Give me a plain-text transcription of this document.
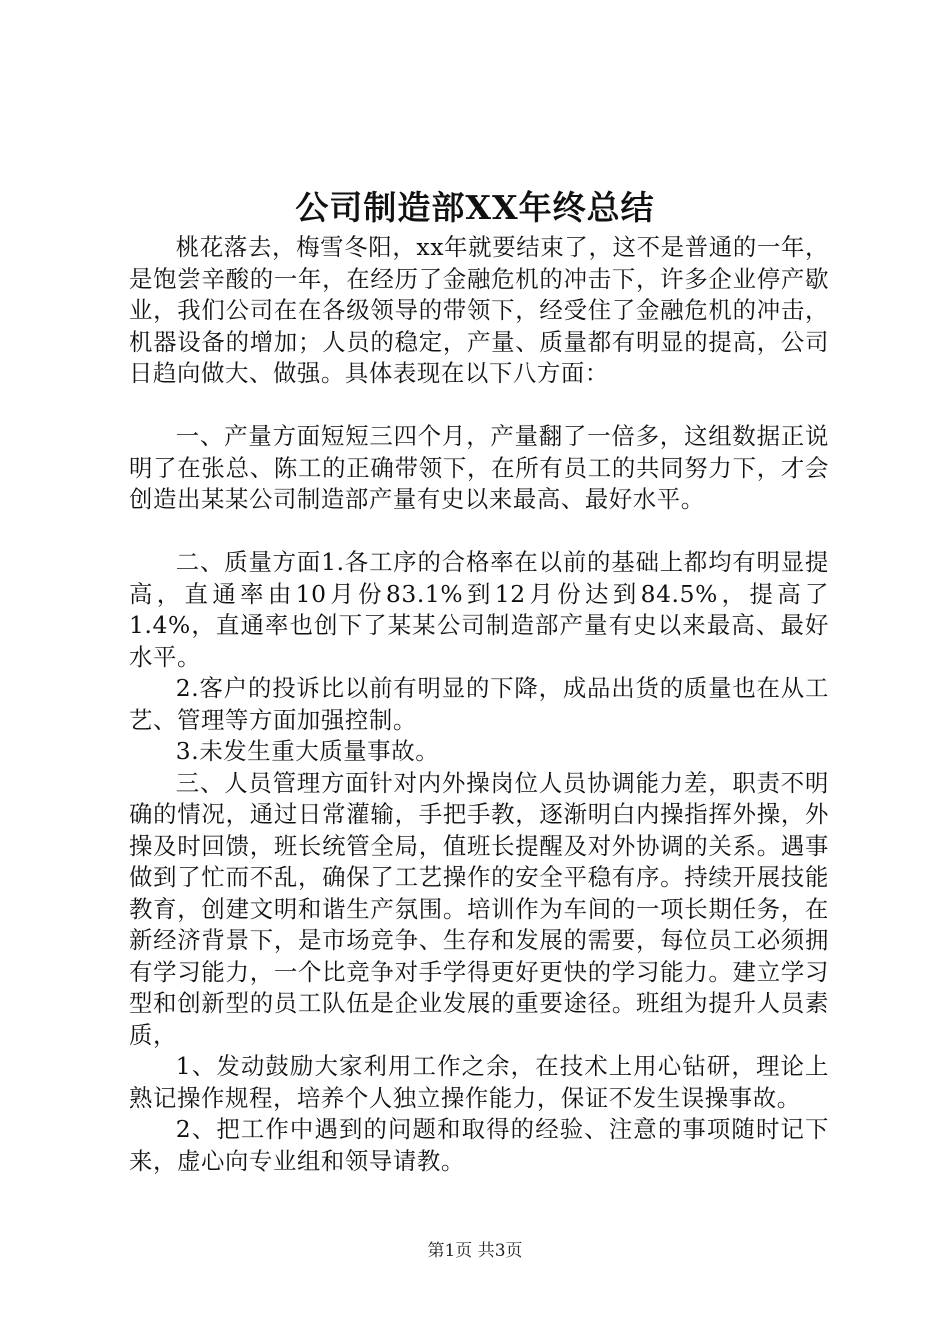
公司制造部XX年终总结

桃花落去，梅雪冬阳，xx年就要结束了，这不是普通的一年，是饱尝辛酸的一年，在经历了金融危机的冲击下，许多企业停产歇业，我们公司在在各级领导的带领下，经受住了金融危机的冲击，机器设备的增加；人员的稳定，产量、质量都有明显的提高，公司日趋向做大、做强。具体表现在以下八方面：

一、产量方面短短三四个月，产量翻了一倍多，这组数据正说明了在张总、陈工的正确带领下，在所有员工的共同努力下，才会创造出某某公司制造部产量有史以来最高、最好水平。

二、质量方面1.各工序的合格率在以前的基础上都均有明显提高，直通率由10月份83.1%到12月份达到84.5%，提高了1.4%，直通率也创下了某某公司制造部产量有史以来最高、最好水平。

2.客户的投诉比以前有明显的下降，成品出货的质量也在从工艺、管理等方面加强控制。

3.未发生重大质量事故。

三、人员管理方面针对内外操岗位人员协调能力差，职责不明确的情况，通过日常灌输，手把手教，逐渐明白内操指挥外操，外操及时回馈，班长统管全局，值班长提醒及对外协调的关系。遇事做到了忙而不乱，确保了工艺操作的安全平稳有序。持续开展技能教育，创建文明和谐生产氛围。培训作为车间的一项长期任务，在新经济背景下，是市场竞争、生存和发展的需要，每位员工必须拥有学习能力，一个比竞争对手学得更好更快的学习能力。建立学习型和创新型的员工队伍是企业发展的重要途径。班组为提升人员素质，

1、发动鼓励大家利用工作之余，在技术上用心钻研，理论上熟记操作规程，培养个人独立操作能力，保证不发生误操事故。

2、把工作中遇到的问题和取得的经验、注意的事项随时记下来，虚心向专业组和领导请教。

第1页 共3页
